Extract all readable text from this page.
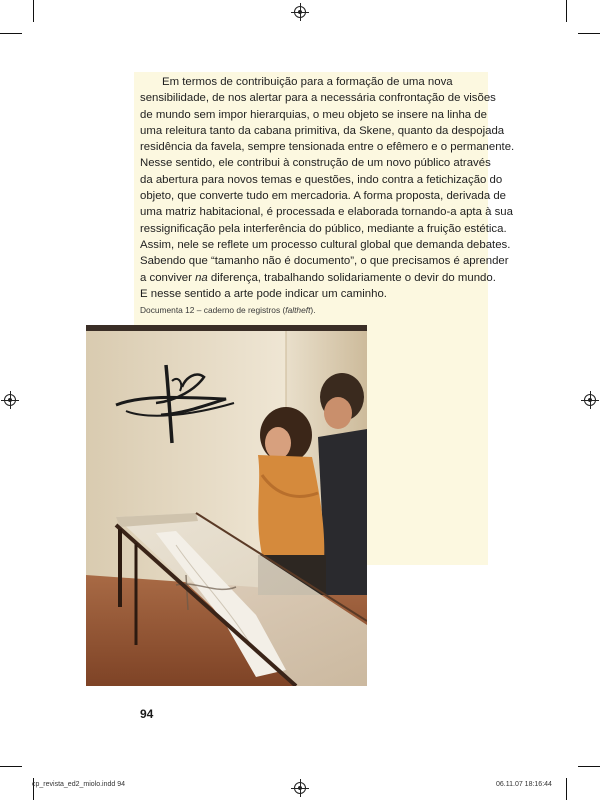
Em termos de contribuição para a formação de uma nova
sensibilidade, de nos alertar para a necessária confrontação de visões
de mundo sem impor hierarquias, o meu objeto se insere na linha de
uma releitura tanto da cabana primitiva, da Skene, quanto da despojada
residência da favela, sempre tensionada entre o efêmero e o permanente.
Nesse sentido, ele contribui à construção de um novo público através
da abertura para novos temas e questões, indo contra a fetichização do
objeto, que converte tudo em mercadoria. A forma proposta, derivada de
uma matriz habitacional, é processada e elaborada tornando-a apta à sua
ressignificação pela interferência do público, mediante a fruição estética.
Assim, nele se reflete um processo cultural global que demanda debates.
Sabendo que “tamanho não é documento”, o que precisamos é aprender
a conviver na diferença, trabalhando solidariamente o devir do mundo.
E nesse sentido a arte pode indicar um caminho.
Documenta 12 – caderno de registros (faltheft).
94
cp_revista_ed2_miolo.indd 94	06.11.07 18:16:44
